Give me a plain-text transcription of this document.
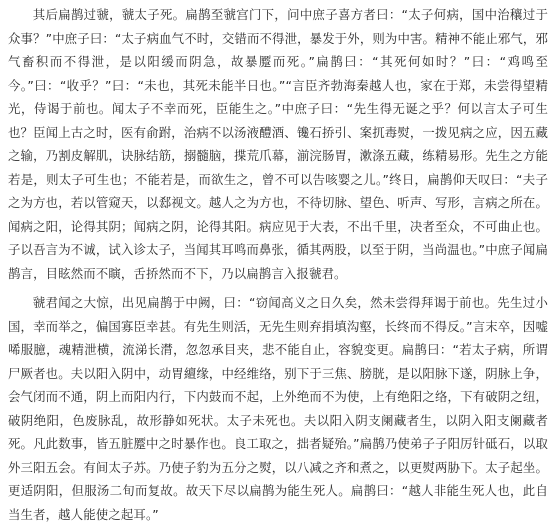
其后扁鹊过虢，虢太子死。扁鹊至虢宫门下，问中庶子喜方者曰：“太子何病，国中治穰过于众事？”中庶子曰：“太子病血气不时，交错而不得泄，暴发于外，则为中害。精神不能止邪气，邪气畜积而不得泄，是以阳缓而阴急，故暴蹷而死。”扁鹊曰：“其死何如时？”曰：“鸡鸣至今。”曰：“收乎？”曰：“未也，其死未能半日也。”“言臣齐勃海秦越人也，家在于郑，未尝得望精光，侍谒于前也。闻太子不幸而死，臣能生之。”中庶子曰：“先生得无诞之乎？何以言太子可生也？臣闻上古之时，医有俞跗，治病不以汤液醴酒、镵石挢引、案扤毒熨，一拨见病之应，因五藏之输，乃割皮解肌，诀脉结筋，搦髓脑，揲荒爪幕，湔浣肠胃，漱涤五藏，练精易形。先生之方能若是，则太子可生也；不能若是，而欲生之，曾不可以告咳婴之儿。”终日，扁鹊仰天叹曰：“夫子之为方也，若以管窥天，以郄视文。越人之为方也，不待切脉、望色、听声、写形，言病之所在。闻病之阳，论得其阴；闻病之阴，论得其阳。病应见于大表，不出千里，决者至众，不可曲止也。子以吾言为不诚，试入诊太子，当闻其耳鸣而鼻张，循其两股，以至于阴，当尚温也。”中庶子闻扁鹊言，目眩然而不瞚，舌挢然而不下，乃以扁鹊言入报虢君。

虢君闻之大惊，出见扁鹊于中阙，曰：“窃闻高义之日久矣，然未尝得拜谒于前也。先生过小国，幸而举之，偏国寡臣幸甚。有先生则活，无先生则弃捐填沟壑，长终而不得反。”言末卒，因嘘唏服臆，魂精泄横，流涕长潸，忽忽承目夹，悲不能自止，容貌变更。扁鹊曰：“若太子病，所谓尸厥者也。夫以阳入阴中，动胃繵缘，中经维络，别下于三焦、膀胱，是以阳脉下遂，阴脉上争，会气闭而不通，阴上而阳内行，下内鼓而不起，上外绝而不为使，上有绝阳之络，下有破阴之纽，破阴绝阳，色废脉乱，故形静如死状。太子未死也。夫以阳入阴支阑藏者生，以阴入阳支阑藏者死。凡此数事，皆五脏蹷中之时暴作也。良工取之，拙者疑殆。”扁鹊乃使弟子子阳厉针砥石，以取外三阳五会。有间太子苏。乃使子豹为五分之熨，以八减之齐和煮之，以更熨两胁下。太子起坐。更适阴阳，但服汤二旬而复故。故天下尽以扁鹊为能生死人。扁鹊曰：“越人非能生死人也，此自当生者，越人能使之起耳。”
